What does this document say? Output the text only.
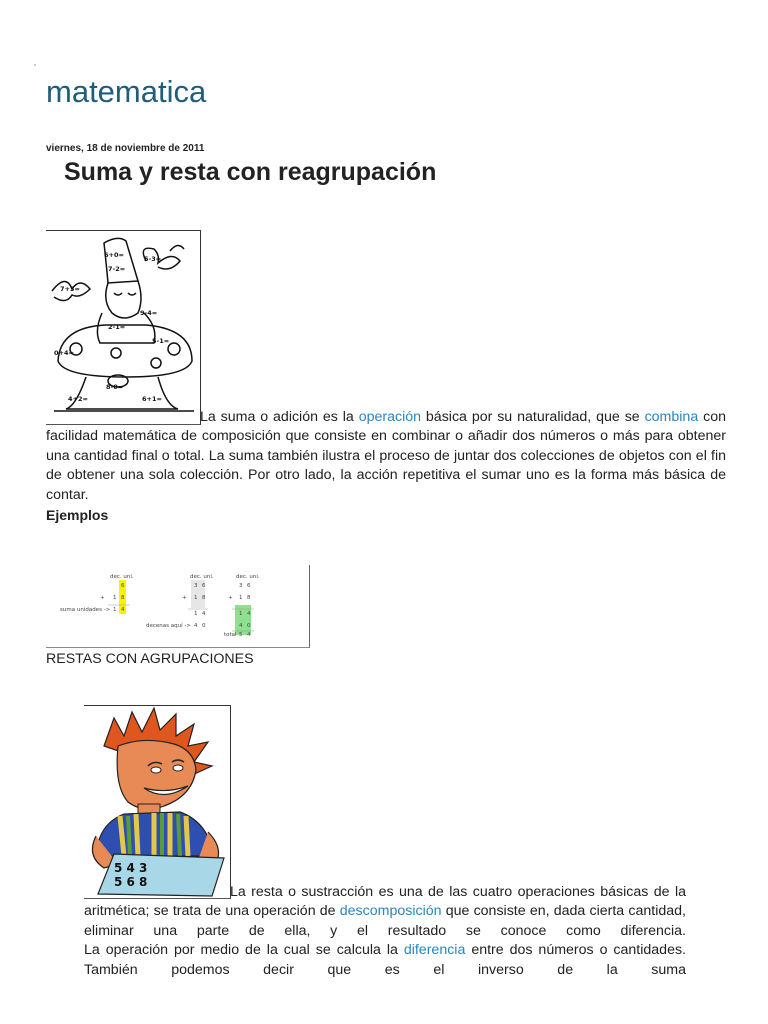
matematica
viernes, 18 de noviembre de 2011
Suma y resta con reagrupación
6+0=	5-3=
7-2=
7+3=
9-4=
2-1=
5-1=
0+4=
8-0=
4+2=	6+1=

La suma o adición es la operación básica por su naturalidad, que se combina con facilidad matemática de composición que consiste en combinar o añadir dos números o más para obtener una cantidad final o total. La suma también ilustra el proceso de juntar dos colecciones de objetos con el fin de obtener una sola colección. Por otro lado, la acción repetitiva el sumar uno es la forma más básica de contar.

Ejemplos

dec. uni.
6
+ 1 8
suma unidades -> 1 4
dec. uni.
3 6
+ 1 8
1 4
decenas aquí -> 4 0
dec. uni.
3 6
+ 1 8
1 4
4 0
total 5 4

RESTAS CON AGRUPACIONES

5 4 3
5 6 8

La resta o sustracción es una de las cuatro operaciones básicas de la aritmética; se trata de una operación de descomposición que consiste en, dada cierta cantidad, eliminar una parte de ella, y el resultado se conoce como diferencia.
La operación por medio de la cual se calcula la diferencia entre dos números o cantidades. También podemos decir que es el inverso de la suma
